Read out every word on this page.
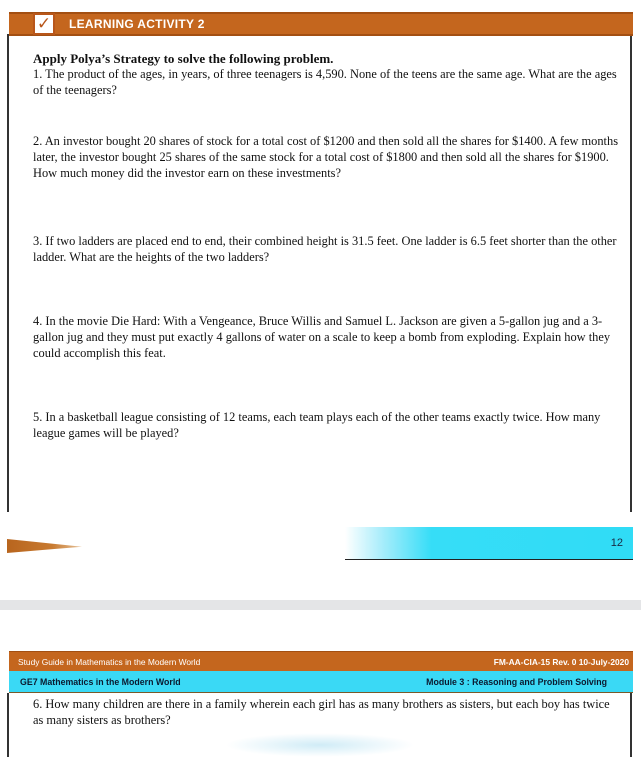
✓	LEARNING ACTIVITY 2
Apply Polya’s Strategy to solve the following problem.

1. The product of the ages, in years, of three teenagers is 4,590. None of the teens are the same age. What are the ages of the teenagers?

2. An investor bought 20 shares of stock for a total cost of $1200 and then sold all the shares for $1400. A few months later, the investor bought 25 shares of the same stock for a total cost of $1800 and then sold all the shares for $1900. How much money did the investor earn on these investments?

3. If two ladders are placed end to end, their combined height is 31.5 feet. One ladder is 6.5 feet shorter than the other ladder. What are the heights of the two ladders?

4. In the movie Die Hard: With a Vengeance, Bruce Willis and Samuel L. Jackson are given a 5-gallon jug and a 3-gallon jug and they must put exactly 4 gallons of water on a scale to keep a bomb from exploding. Explain how they could accomplish this feat.

5. In a basketball league consisting of 12 teams, each team plays each of the other teams exactly twice. How many league games will be played?

12
Study Guide in Mathematics in the Modern World	FM-AA-CIA-15 Rev. 0 10-July-2020
GE7 Mathematics in the Modern World	Module 3 : Reasoning and Problem Solving

6. How many children are there in a family wherein each girl has as many brothers as sisters, but each boy has twice as many sisters as brothers?
